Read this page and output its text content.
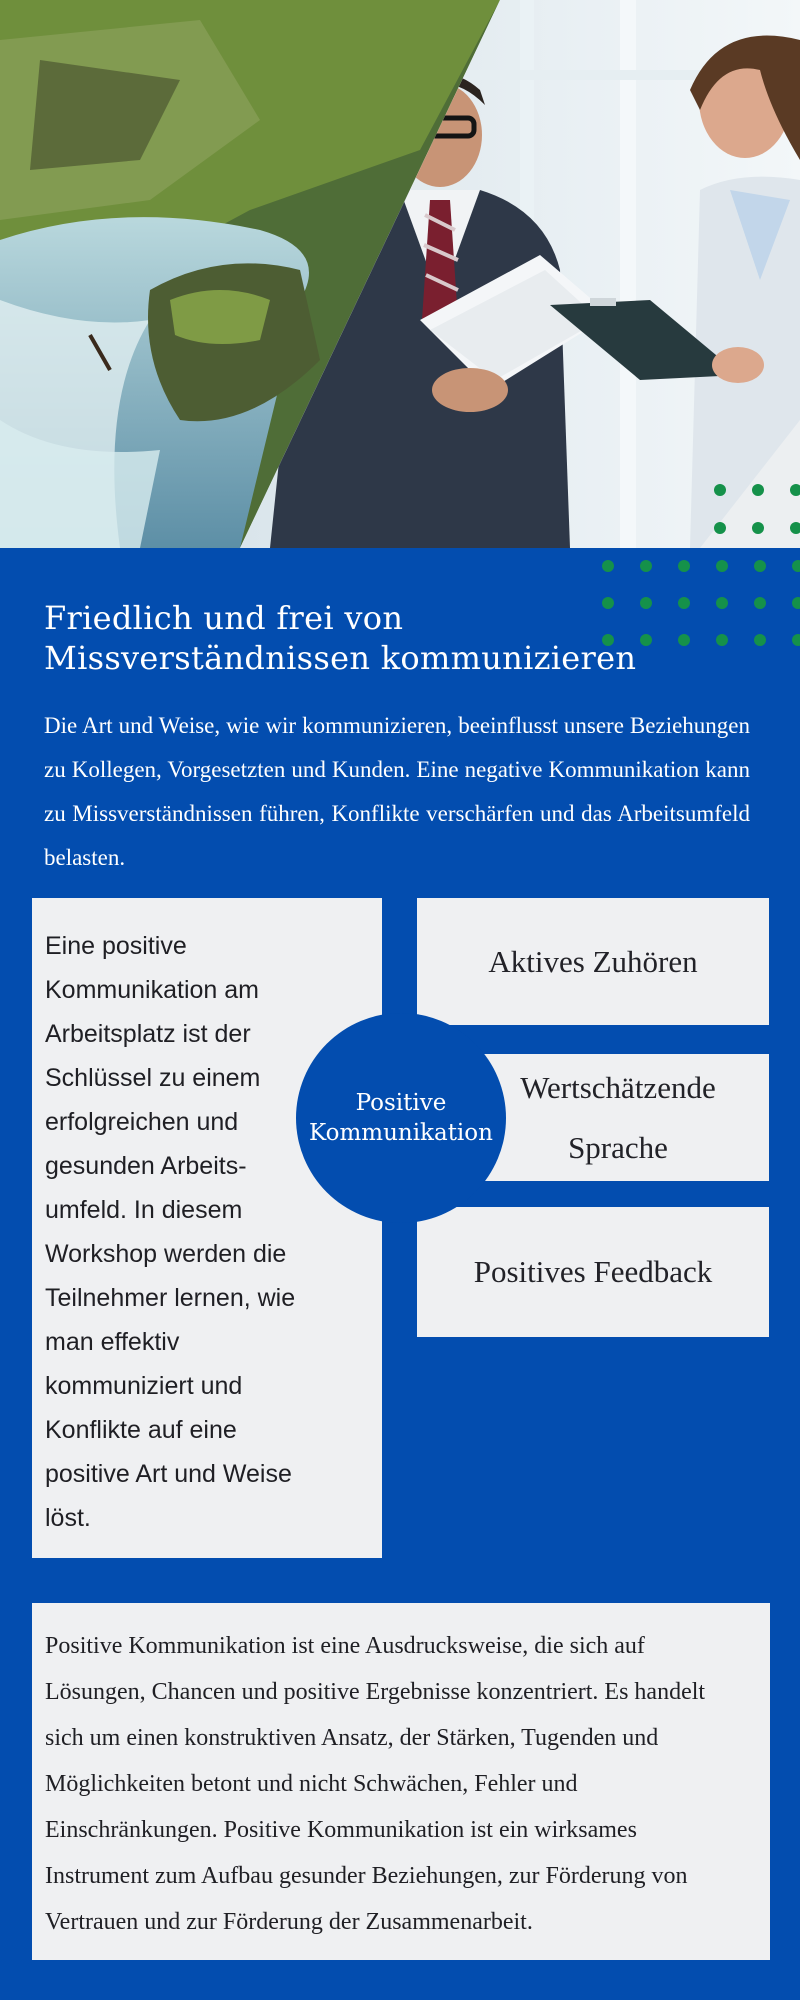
Friedlich und frei von Missverständnissen kommunizieren

Die Art und Weise, wie wir kommunizieren, beeinflusst unsere Beziehungen zu Kollegen, Vorgesetzten und Kunden. Eine negative Kommunikation kann zu Missverständnissen führen, Konflikte verschärfen und das Arbeitsumfeld belasten.

Eine positive
Kommunikation am
Arbeitsplatz ist der
Schlüssel zu einem
erfolgreichen und
gesunden Arbeits-
umfeld. In diesem
Workshop werden die
Teilnehmer lernen, wie
man effektiv
kommuniziert und
Konflikte auf eine
positive Art und Weise
löst.

Aktives Zuhören
Wertschätzende
Sprache
Positives Feedback
Positive
Kommunikation

Positive Kommunikation ist eine Ausdrucksweise, die sich auf
Lösungen, Chancen und positive Ergebnisse konzentriert. Es handelt
sich um einen konstruktiven Ansatz, der Stärken, Tugenden und
Möglichkeiten betont und nicht Schwächen, Fehler und
Einschränkungen. Positive Kommunikation ist ein wirksames
Instrument zum Aufbau gesunder Beziehungen, zur Förderung von
Vertrauen und zur Förderung der Zusammenarbeit.
